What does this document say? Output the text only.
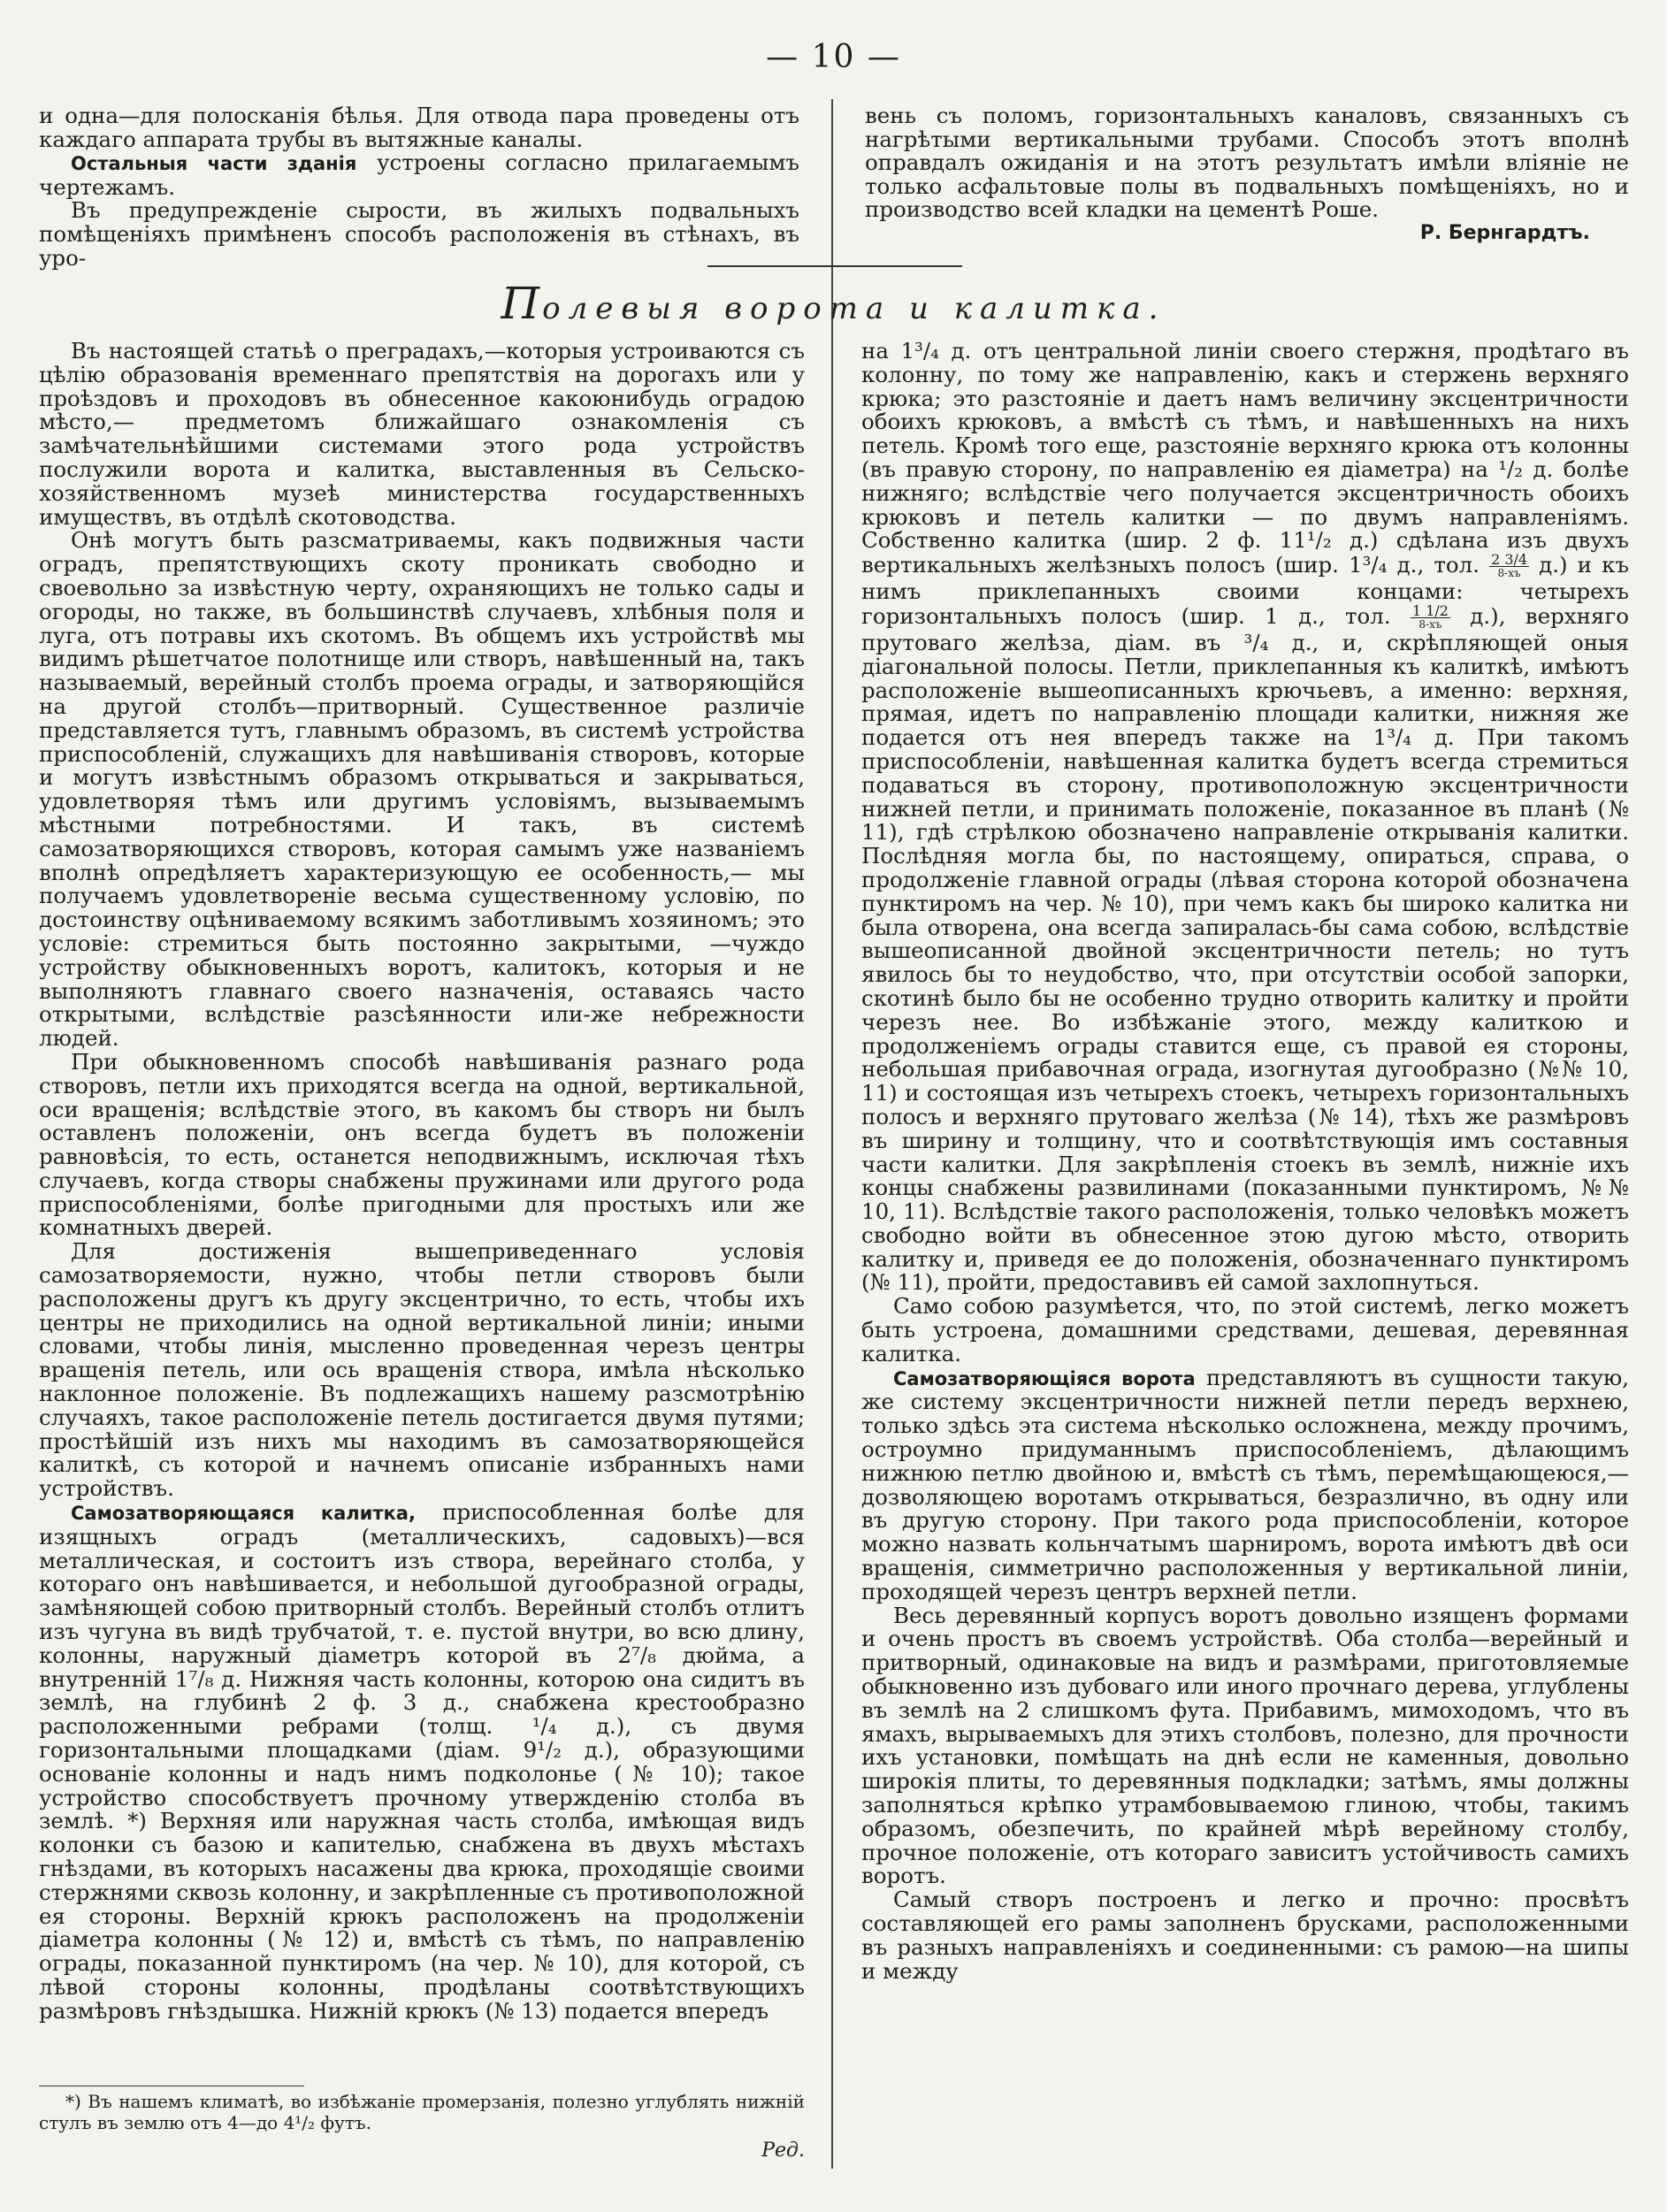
— 10 —

и одна—для полосканія бѣлья. Для отвода пара проведены отъ каждаго аппарата трубы въ вытяжные каналы.

Остальныя части зданія устроены согласно прилагаемымъ чертежамъ.

Въ предупрежденіе сырости, въ жилыхъ подвальныхъ помѣщеніяхъ примѣненъ способъ расположенія въ стѣнахъ, въ уро-

вень съ поломъ, горизонтальныхъ каналовъ, связанныхъ съ нагрѣтыми вертикальными трубами. Способъ этотъ вполнѣ оправдалъ ожиданія и на этотъ результатъ имѣли вліяніе не только асфальтовые полы въ подвальныхъ помѣщеніяхъ, но и производство всей кладки на цементѣ Роше.

Р. Бернгардтъ.
Полевыя ворота и калитка.

Въ настоящей статьѣ о преградахъ,—которыя устроиваются съ цѣлію образованія временнаго препятствія на дорогахъ или у проѣздовъ и проходовъ въ обнесенное какоюнибудь оградою мѣсто,— предметомъ ближайшаго ознакомленія съ замѣчательнѣйшими системами этого рода устройствъ послужили ворота и калитка, выставленныя въ Сельско-хозяйственномъ музеѣ министерства государственныхъ имуществъ, въ отдѣлѣ скотоводства.

Онѣ могутъ быть разсматриваемы, какъ подвижныя части оградъ, препятствующихъ скоту проникать свободно и своевольно за извѣстную черту, охраняющихъ не только сады и огороды, но также, въ большинствѣ случаевъ, хлѣбныя поля и луга, отъ потравы ихъ скотомъ. Въ общемъ ихъ устройствѣ мы видимъ рѣшетчатое полотнище или створъ, навѣшенный на, такъ называемый, верейный столбъ проема ограды, и затворяющійся на другой столбъ—притворный. Существенное различіе представляется тутъ, главнымъ образомъ, въ системѣ устройства приспособленій, служащихъ для навѣшиванія створовъ, которые и могутъ извѣстнымъ образомъ открываться и закрываться, удовлетворяя тѣмъ или другимъ условіямъ, вызываемымъ мѣстными потребностями. И такъ, въ системѣ самозатворяющихся створовъ, которая самымъ уже названіемъ вполнѣ опредѣляетъ характеризующую ее особенность,— мы получаемъ удовлетвореніе весьма существенному условію, по достоинству оцѣниваемому всякимъ заботливымъ хозяиномъ; это условіе: стремиться быть постоянно закрытыми, —чуждо устройству обыкновенныхъ воротъ, калитокъ, которыя и не выполняютъ главнаго своего назначенія, оставаясь часто открытыми, вслѣдствіе разсѣянности или-же небрежности людей.

При обыкновенномъ способѣ навѣшиванія разнаго рода створовъ, петли ихъ приходятся всегда на одной, вертикальной, оси вращенія; вслѣдствіе этого, въ какомъ бы створъ ни былъ оставленъ положеніи, онъ всегда будетъ въ положеніи равновѣсія, то есть, останется неподвижнымъ, исключая тѣхъ случаевъ, когда створы снабжены пружинами или другого рода приспособленіями, болѣе пригодными для простыхъ или же комнатныхъ дверей.

Для достиженія вышеприведеннаго условія самозатворяемости, нужно, чтобы петли створовъ были расположены другъ къ другу эксцентрично, то есть, чтобы ихъ центры не приходились на одной вертикальной линіи; иными словами, чтобы линія, мысленно проведенная черезъ центры вращенія петель, или ось вращенія створа, имѣла нѣсколько наклонное положеніе. Въ подлежащихъ нашему разсмотрѣнію случаяхъ, такое расположеніе петель достигается двумя путями; простѣйшій изъ нихъ мы находимъ въ самозатворяющейся калиткѣ, съ которой и начнемъ описаніе избранныхъ нами устройствъ.

Самозатворяющаяся калитка, приспособленная болѣе для изящныхъ оградъ (металлическихъ, садовыхъ)—вся металлическая, и состоитъ изъ створа, верейнаго столба, у котораго онъ навѣшивается, и небольшой дугообразной ограды, замѣняющей собою притворный столбъ. Верейный столбъ отлитъ изъ чугуна въ видѣ трубчатой, т. е. пустой внутри, во всю длину, колонны, наружный діаметръ которой въ 2⁷/₈ дюйма, а внутренній 1⁷/₈ д. Нижняя часть колонны, которою она сидитъ въ землѣ, на глубинѣ 2 ф. 3 д., снабжена крестообразно расположенными ребрами (толщ. ¹/₄ д.), съ двумя горизонтальными площадками (діам. 9¹/₂ д.), образующими основаніе колонны и надъ нимъ подколонье (№ 10); такое устройство способствуетъ прочному утвержденію столба въ землѣ. *) Верхняя или наружная часть столба, имѣющая видъ колонки съ базою и капителью, снабжена въ двухъ мѣстахъ гнѣздами, въ которыхъ насажены два крюка, проходящіе своими стержнями сквозь колонну, и закрѣпленные съ противоположной ея стороны. Верхній крюкъ расположенъ на продолженіи діаметра колонны (№ 12) и, вмѣстѣ съ тѣмъ, по направленію ограды, показанной пунктиромъ (на чер. № 10), для которой, съ лѣвой стороны колонны, продѣланы соотвѣтствующихъ размѣровъ гнѣздышка. Нижній крюкъ (№ 13) подается впередъ

*) Въ нашемъ климатѣ, во избѣжаніе промерзанія, полезно углублять нижній стулъ въ землю отъ 4—до 4¹/₂ футъ.

Ред.

на 1³/₄ д. отъ центральной линіи своего стержня, продѣтаго въ колонну, по тому же направленію, какъ и стержень верхняго крюка; это разстояніе и даетъ намъ величину эксцентричности обоихъ крюковъ, а вмѣстѣ съ тѣмъ, и навѣшенныхъ на нихъ петель. Кромѣ того еще, разстояніе верхняго крюка отъ колонны (въ правую сторону, по направленію ея діаметра) на ¹/₂ д. болѣе нижняго; вслѣдствіе чего получается эксцентричность обоихъ крюковъ и петель калитки — по двумъ направленіямъ. Собственно калитка (шир. 2 ф. 11¹/₂ д.) сдѣлана изъ двухъ вертикальныхъ желѣзныхъ полосъ (шир. 1³/₄ д., тол. 2 3/4
8-хъ д.) и къ нимъ приклепанныхъ своими концами: четырехъ горизонтальныхъ полосъ (шир. 1 д., тол. 1 1/2
8-хъ	д.), верхняго прутоваго желѣза, діам. въ ³/₄ д., и, скрѣпляющей оныя діагональной полосы. Петли, приклепанныя къ калиткѣ, имѣютъ расположеніе вышеописанныхъ крючьевъ, а именно: верхняя, прямая, идетъ по направленію площади калитки, нижняя же подается отъ нея впередъ также на 1³/₄ д. При такомъ приспособленіи, навѣшенная калитка будетъ всегда стремиться подаваться въ сторону, противоположную эксцентричности нижней петли, и принимать положеніе, показанное въ планѣ (№ 11), гдѣ стрѣлкою обозначено направленіе открыванія калитки. Послѣдняя могла бы, по настоящему, опираться, справа, о продолженіе главной ограды (лѣвая сторона которой обозначена пунктиромъ на чер. № 10), при чемъ какъ бы широко калитка ни была отворена, она всегда запиралась-бы сама собою, вслѣдствіе вышеописанной двойной эксцентричности петель; но тутъ явилось бы то неудобство, что, при отсутствіи особой запорки, скотинѣ было бы не особенно трудно отворить калитку и пройти черезъ нее. Во избѣжаніе этого, между калиткою и продолженіемъ ограды ставится еще, съ правой ея стороны, небольшая прибавочная ограда, изогнутая дугообразно (№№ 10, 11) и состоящая изъ четырехъ стоекъ, четырехъ горизонтальныхъ полосъ и верхняго прутоваго желѣза (№ 14), тѣхъ же размѣровъ въ ширину и толщину, что и соотвѣтствующія имъ составныя части калитки. Для закрѣпленія стоекъ въ землѣ, нижніе ихъ концы снабжены развилинами (показанными пунктиромъ, №№ 10, 11). Вслѣдствіе такого расположенія, только человѣкъ можетъ свободно войти въ обнесенное этою дугою мѣсто, отворить калитку и, приведя ее до положенія, обозначеннаго пунктиромъ (№ 11), пройти, предоставивъ ей самой захлопнуться.

Само собою разумѣется, что, по этой системѣ, легко можетъ быть устроена, домашними средствами, дешевая, деревянная калитка.

Самозатворяющіяся ворота представляютъ въ сущности такую, же систему эксцентричности нижней петли передъ верхнею, только здѣсь эта система нѣсколько осложнена, между прочимъ, остроумно придуманнымъ приспособленіемъ, дѣлающимъ нижнюю петлю двойною и, вмѣстѣ съ тѣмъ, перемѣщающеюся,—дозволяющею воротамъ открываться, безразлично, въ одну или въ другую сторону. При такого рода приспособленіи, которое можно назвать кольнчатымъ шарниромъ, ворота имѣютъ двѣ оси вращенія, симметрично расположенныя у вертикальной линіи, проходящей черезъ центръ верхней петли.

Весь деревянный корпусъ воротъ довольно изященъ формами и очень простъ въ своемъ устройствѣ. Оба столба—верейный и притворный, одинаковые на видъ и размѣрами, приготовляемые обыкновенно изъ дубоваго или иного прочнаго дерева, углублены въ землѣ на 2 слишкомъ фута. Прибавимъ, мимоходомъ, что въ ямахъ, вырываемыхъ для этихъ столбовъ, полезно, для прочности ихъ установки, помѣщать на днѣ если не каменныя, довольно широкія плиты, то деревянныя подкладки; затѣмъ, ямы должны заполняться крѣпко утрамбовываемою глиною, чтобы, такимъ образомъ, обезпечить, по крайней мѣрѣ верейному столбу, прочное положеніе, отъ котораго зависитъ устойчивость самихъ воротъ.

Самый створъ построенъ и легко и прочно: просвѣтъ составляющей его рамы заполненъ брусками, расположенными въ разныхъ направленіяхъ и соединенными: съ рамою—на шипы и между
